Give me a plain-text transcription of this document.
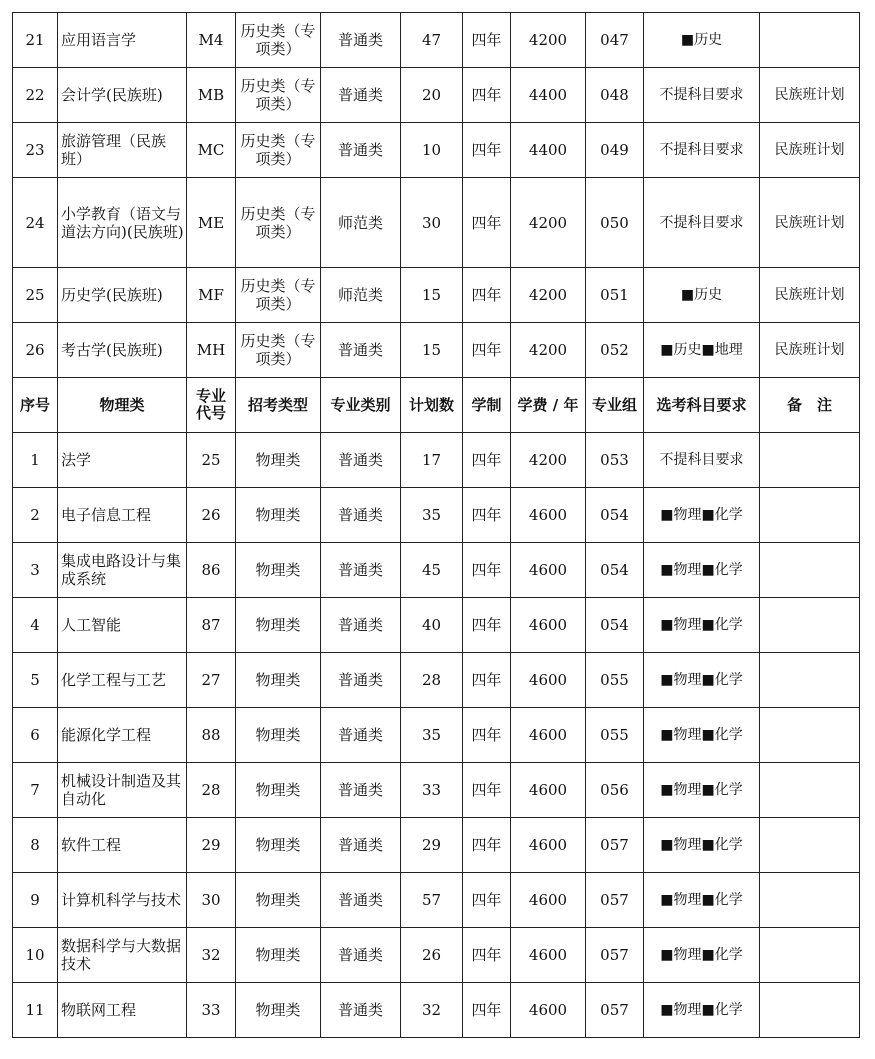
21	应用语言学	M4	历史类（专项类）	普通类	47	四年	4200	047	■历史	
22	会计学(民族班)	MB	历史类（专项类）	普通类	20	四年	4400	048	不提科目要求	民族班计划
23	旅游管理（民族班）	MC	历史类（专项类）	普通类	10	四年	4400	049	不提科目要求	民族班计划
24	小学教育（语文与道法方向)(民族班)	ME	历史类（专项类）	师范类	30	四年	4200	050	不提科目要求	民族班计划
25	历史学(民族班)	MF	历史类（专项类）	师范类	15	四年	4200	051	■历史	民族班计划
26	考古学(民族班)	MH	历史类（专项类）	普通类	15	四年	4200	052	■历史■地理	民族班计划
序号	物理类	专业代号	招考类型	专业类别	计划数	学制	学费 / 年	专业组	选考科目要求	备　注
1	法学	25	物理类	普通类	17	四年	4200	053	不提科目要求	
2	电子信息工程	26	物理类	普通类	35	四年	4600	054	■物理■化学	
3	集成电路设计与集成系统	86	物理类	普通类	45	四年	4600	054	■物理■化学	
4	人工智能	87	物理类	普通类	40	四年	4600	054	■物理■化学	
5	化学工程与工艺	27	物理类	普通类	28	四年	4600	055	■物理■化学	
6	能源化学工程	88	物理类	普通类	35	四年	4600	055	■物理■化学	
7	机械设计制造及其自动化	28	物理类	普通类	33	四年	4600	056	■物理■化学	
8	软件工程	29	物理类	普通类	29	四年	4600	057	■物理■化学	
9	计算机科学与技术	30	物理类	普通类	57	四年	4600	057	■物理■化学	
10	数据科学与大数据技术	32	物理类	普通类	26	四年	4600	057	■物理■化学	
11	物联网工程	33	物理类	普通类	32	四年	4600	057	■物理■化学	
